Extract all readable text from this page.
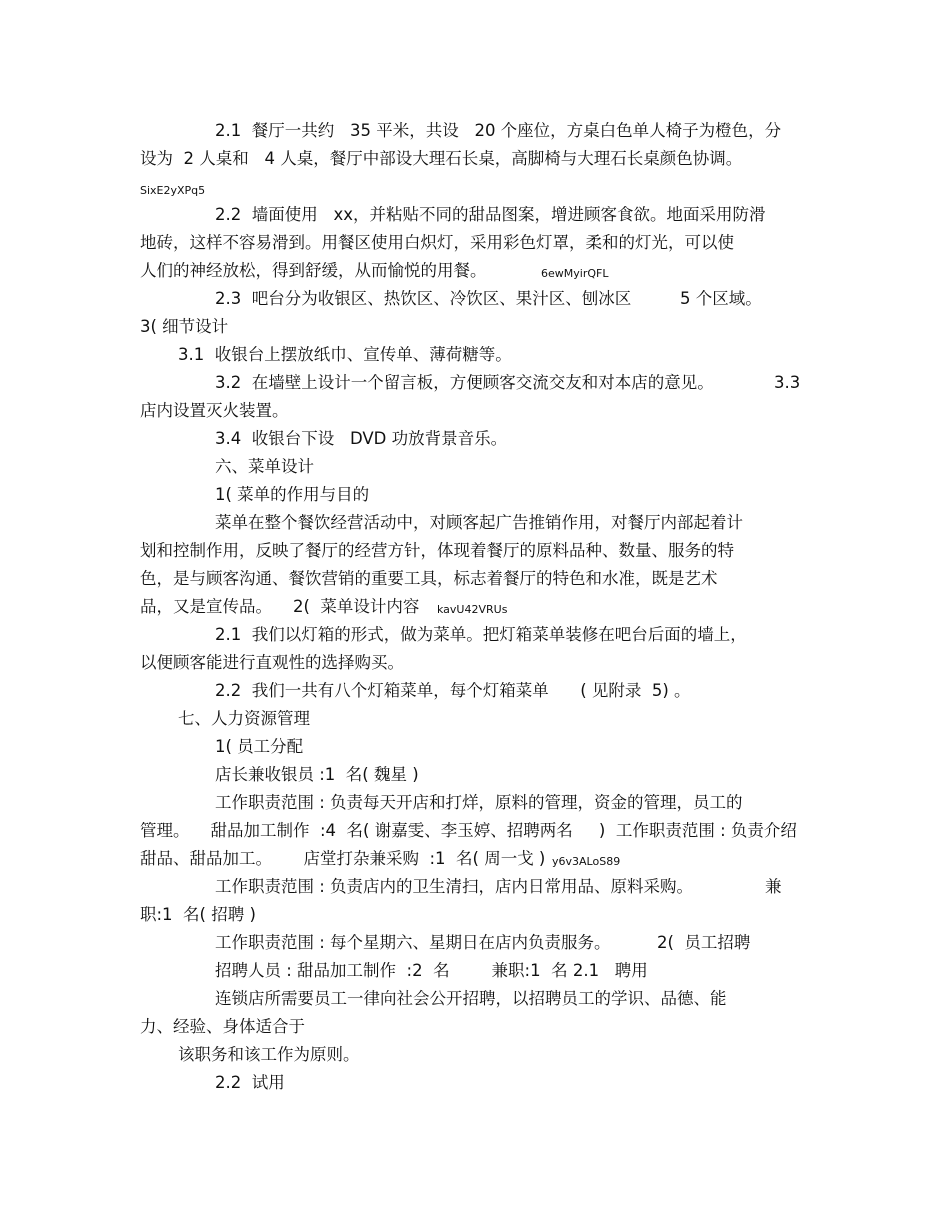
2.1  餐厅一共约   35 平米，共设   20 个座位，方桌白色单人椅子为橙色，分
设为  2 人桌和   4 人桌，餐厅中部设大理石长桌，高脚椅与大理石长桌颜色协调。
SixE2yXPq5
2.2  墙面使用   xx，并粘贴不同的甜品图案，增进顾客食欲。地面采用防滑
地砖，这样不容易滑到。用餐区使用白炽灯，采用彩色灯罩，柔和的灯光，可以使
人们的神经放松，得到舒缓，从而愉悦的用餐。	6ewMyirQFL
2.3  吧台分为收银区、热饮区、冷饮区、果汁区、刨冰区	5 个区域。
3( 细节设计
3.1  收银台上摆放纸巾、宣传单、薄荷糖等。
3.2  在墙壁上设计一个留言板，方便顾客交流交友和对本店的意见。	3.3
店内设置灭火装置。
3.4  收银台下设   DVD 功放背景音乐。
六、菜单设计
1( 菜单的作用与目的
菜单在整个餐饮经营活动中，对顾客起广告推销作用，对餐厅内部起着计
划和控制作用，反映了餐厅的经营方针，体现着餐厅的原料品种、数量、服务的特
色，是与顾客沟通、餐饮营销的重要工具，标志着餐厅的特色和水准，既是艺术
品，又是宣传品。    2(  菜单设计内容 kavU42VRUs
2.1  我们以灯箱的形式，做为菜单。把灯箱菜单装修在吧台后面的墙上，
以便顾客能进行直观性的选择购买。
2.2  我们一共有八个灯箱菜单，每个灯箱菜单      ( 见附录  5) 。
七、人力资源管理
1( 员工分配
店长兼收银员 :1  名( 魏星 )
工作职责范围 : 负责每天开店和打烊，原料的管理，资金的管理，员工的
管理。    甜品加工制作  :4  名( 谢嘉雯、李玉婷、招聘两名     )  工作职责范围 : 负责介绍
甜品、甜品加工。      店堂打杂兼采购  :1  名( 周一戈 ) y6v3ALoS89
工作职责范围 : 负责店内的卫生清扫，店内日常用品、原料采购。	兼
职:1  名( 招聘 )
工作职责范围 : 每个星期六、星期日在店内负责服务。	2(  员工招聘
招聘人员 : 甜品加工制作  :2  名        兼职:1  名 2.1   聘用
连锁店所需要员工一律向社会公开招聘，以招聘员工的学识、品德、能
力、经验、身体适合于
该职务和该工作为原则。
2.2  试用
